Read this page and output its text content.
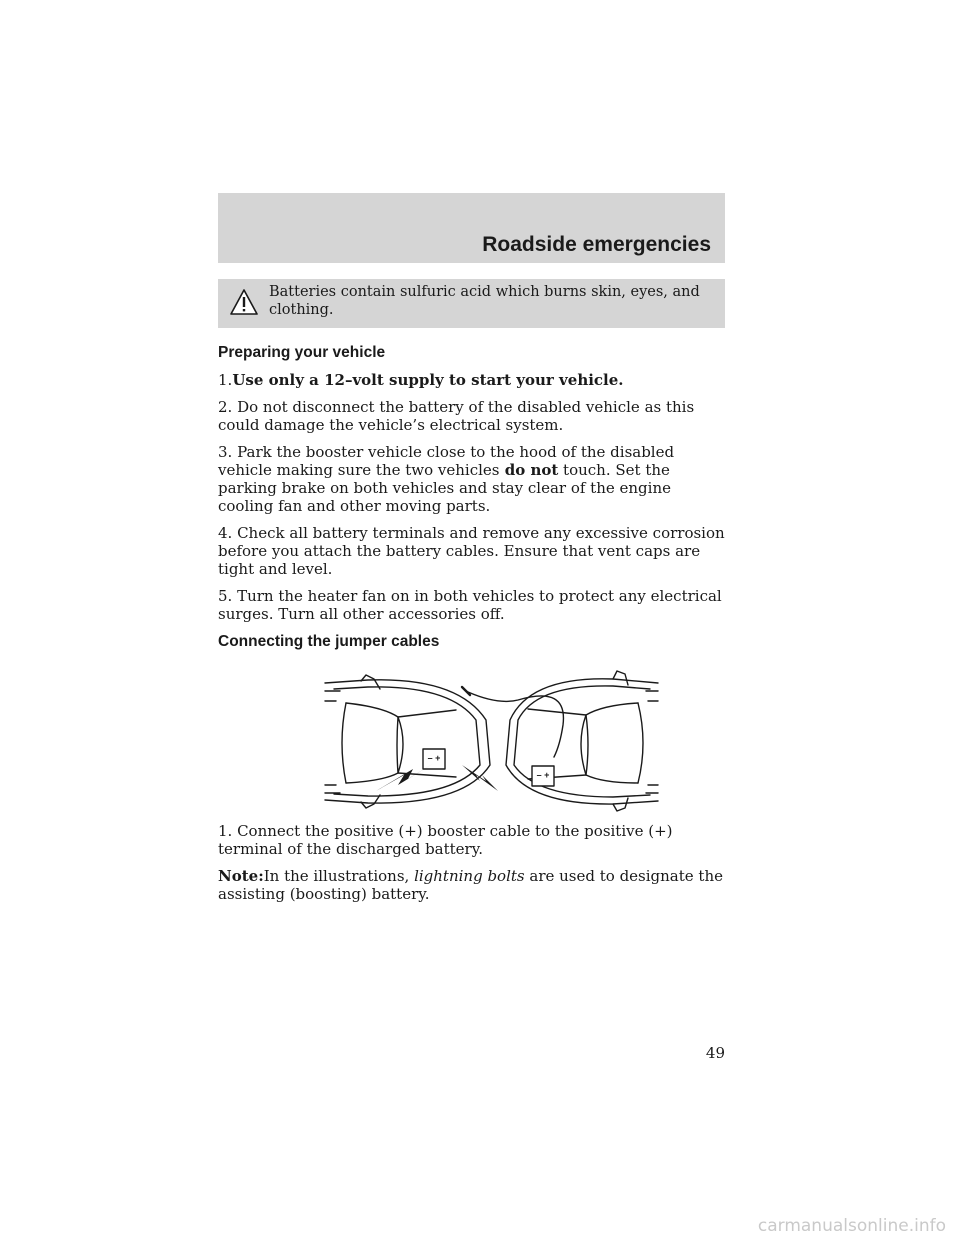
Roadside emergencies
Batteries contain sulfuric acid which burns skin, eyes, and clothing.
Preparing your vehicle

1.Use only a 12–volt supply to start your vehicle.

2. Do not disconnect the battery of the disabled vehicle as this could damage the vehicle’s electrical system.

3. Park the booster vehicle close to the hood of the disabled vehicle making sure the two vehicles do not touch. Set the parking brake on both vehicles and stay clear of the engine cooling fan and other moving parts.

4. Check all battery terminals and remove any excessive corrosion before you attach the battery cables. Ensure that vent caps are tight and level.

5. Turn the heater fan on in both vehicles to protect any electrical surges. Turn all other accessories off.

Connecting the jumper cables
– +
– +

1. Connect the positive (+) booster cable to the positive (+) terminal of the discharged battery.

Note:In the illustrations, lightning bolts are used to designate the assisting (boosting) battery.

49
carmanualsonline.info
